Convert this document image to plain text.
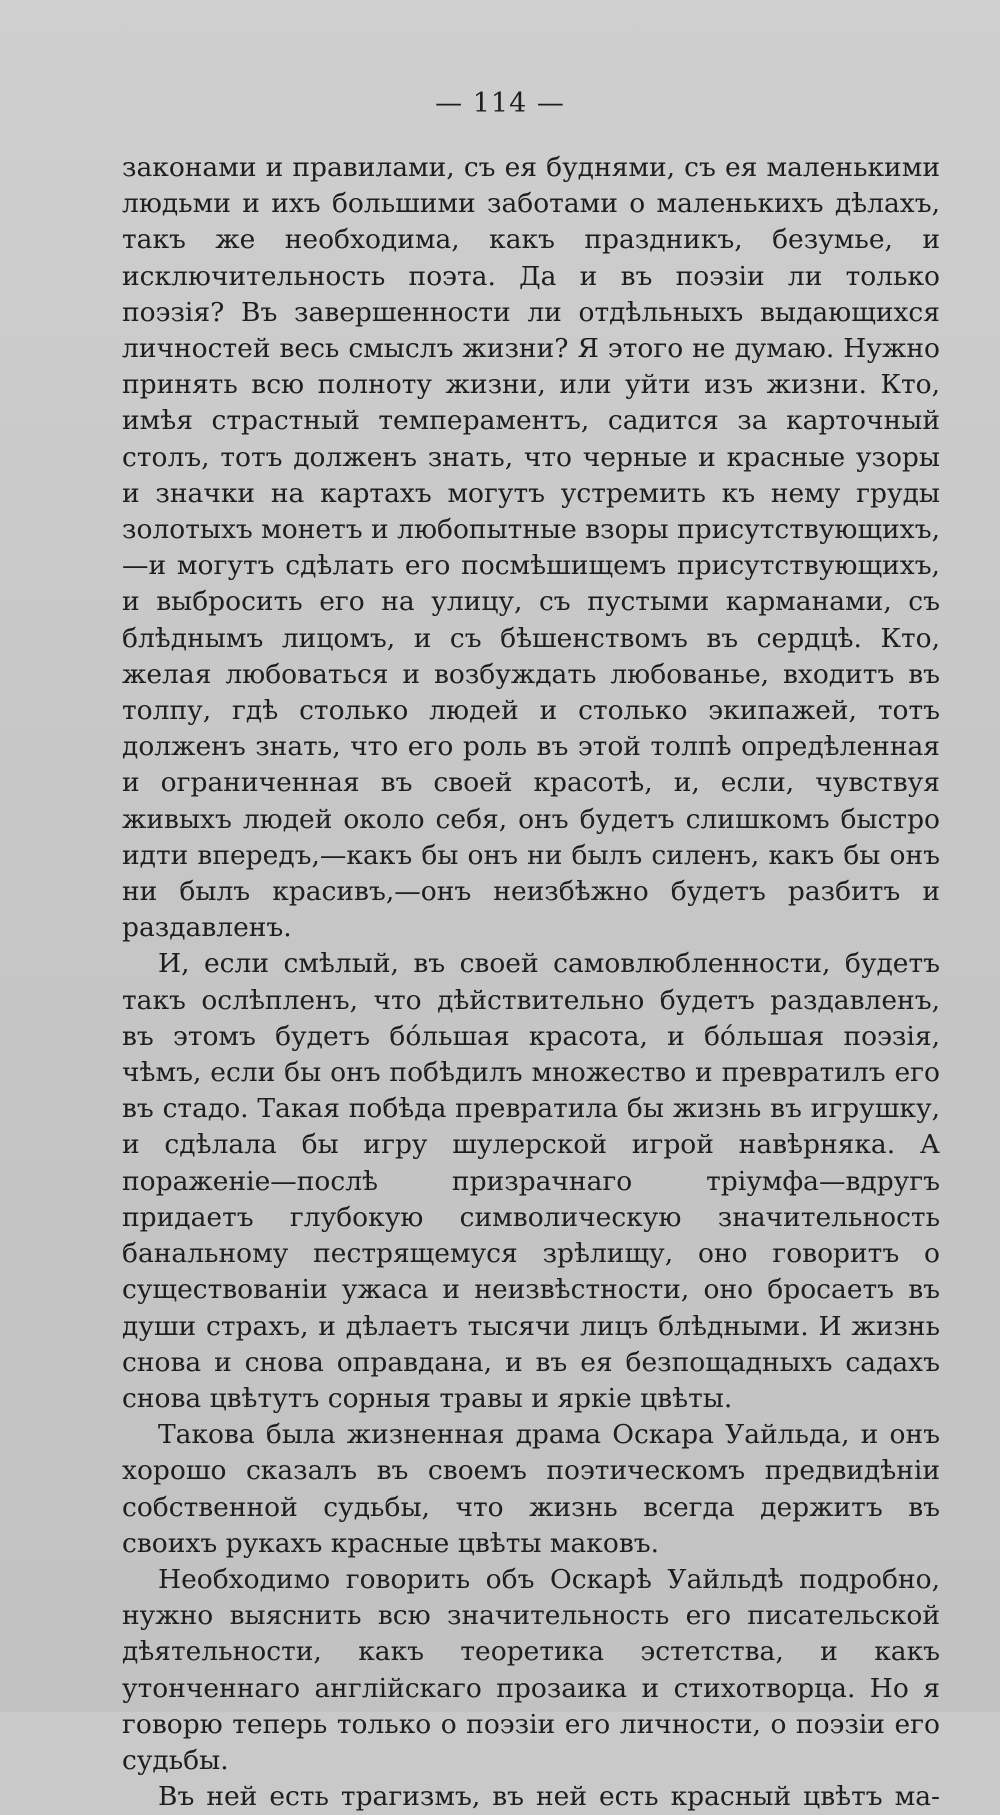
— 114 —

законами и правилами, съ ея буднями, съ ея маленькими людьми и ихъ большими заботами о маленькихъ дѣлахъ, такъ же необходима, какъ праздникъ, безумье, и исключительность поэта. Да и въ поэзіи ли только поэзія? Въ завершенности ли отдѣльныхъ выдающихся личностей весь смыслъ жизни? Я этого не думаю. Нужно принять всю полноту жизни, или уйти изъ жизни. Кто, имѣя страстный темпераментъ, садится за карточный столъ, тотъ долженъ знать, что черные и красные узоры и значки на картахъ могутъ устремить къ нему груды золотыхъ монетъ и любопытные взоры присутствующихъ,—и могутъ сдѣлать его посмѣшищемъ присутствующихъ, и выбросить его на улицу, съ пустыми карманами, съ блѣднымъ лицомъ, и съ бѣшенствомъ въ сердцѣ. Кто, желая любоваться и возбуждать любованье, входитъ въ толпу, гдѣ столько людей и столько экипажей, тотъ долженъ знать, что его роль въ этой толпѣ опредѣленная и ограниченная въ своей красотѣ, и, если, чувствуя живыхъ людей около себя, онъ будетъ слишкомъ быстро идти впередъ,—какъ бы онъ ни былъ силенъ, какъ бы онъ ни былъ красивъ,—онъ неизбѣжно будетъ разбитъ и раздавленъ.

И, если смѣлый, въ своей самовлюбленности, будетъ такъ ослѣпленъ, что дѣйствительно будетъ раздавленъ, въ этомъ будетъ бóльшая красота, и бóльшая поэзія, чѣмъ, если бы онъ побѣдилъ множество и превратилъ его въ стадо. Такая побѣда превратила бы жизнь въ игрушку, и сдѣлала бы игру шулерской игрой навѣрняка. А пораженіе—послѣ призрачнаго тріумфа—вдругъ придаетъ глубокую символическую значительность банальному пестрящемуся зрѣлищу, оно говоритъ о существованіи ужаса и неизвѣстности, оно бросаетъ въ души страхъ, и дѣлаетъ тысячи лицъ блѣдными. И жизнь снова и снова оправдана, и въ ея безпощадныхъ садахъ снова цвѣтутъ сорныя травы и яркіе цвѣты.

Такова была жизненная драма Оскара Уайльда, и онъ хорошо сказалъ въ своемъ поэтическомъ предвидѣніи собственной судьбы, что жизнь всегда держитъ въ своихъ рукахъ красные цвѣты маковъ.

Необходимо говорить объ Оскарѣ Уайльдѣ подробно, нужно выяснить всю значительность его писательской дѣятельности, какъ теоретика эстетства, и какъ утонченнаго англійскаго прозаика и стихотворца. Но я говорю теперь только о поэзіи его личности, о поэзіи его судьбы.

Въ ней есть трагизмъ, въ ней есть красный цвѣтъ ма-
